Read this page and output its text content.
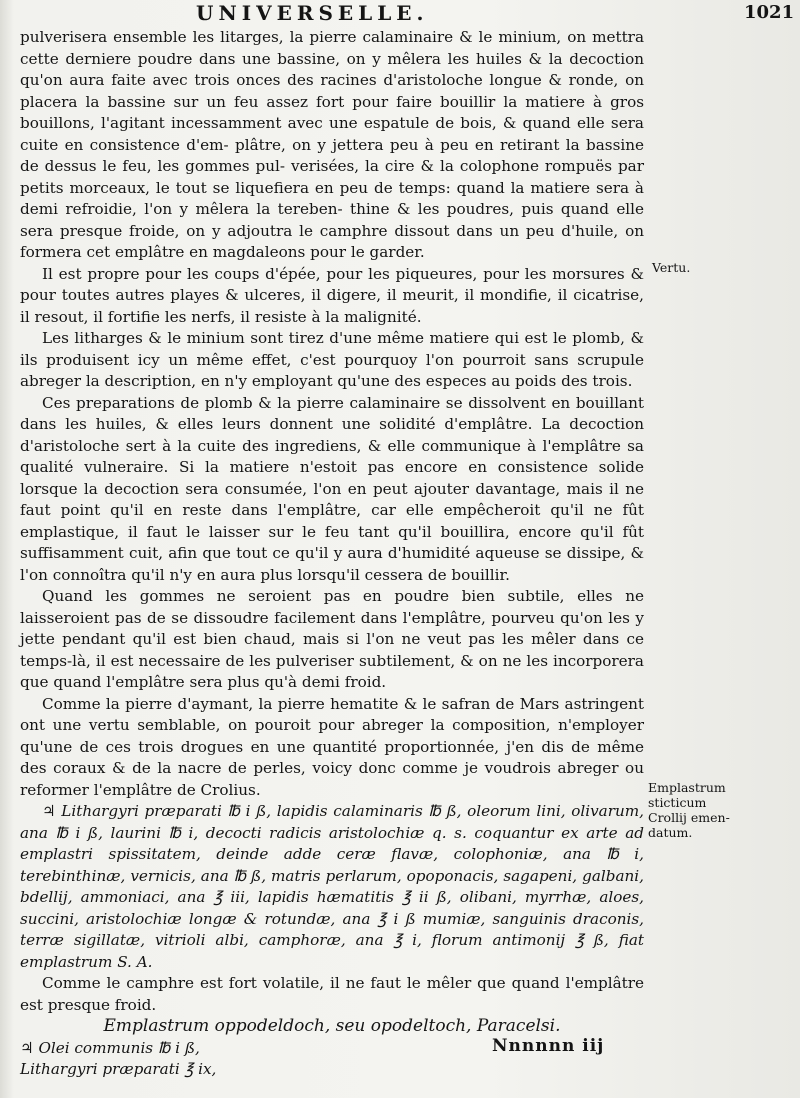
UNIVERSELLE.	1021

pulverisera ensemble les litarges, la pierre calaminaire & le minium, on mettra cette derniere poudre dans une bassine, on y mêlera les huiles & la decoction qu'on aura faite avec trois onces des racines d'aristoloche longue & ronde, on placera la bassine sur un feu assez fort pour faire bouillir la matiere à gros bouillons, l'agitant incessamment avec une espatule de bois, & quand elle sera cuite en consistence d'em- plâtre, on y jettera peu à peu en retirant la bassine de dessus le feu, les gommes pul- verisées, la cire & la colophone rompuës par petits morceaux, le tout se liquefiera en peu de temps: quand la matiere sera à demi refroidie, l'on y mêlera la tereben- thine & les poudres, puis quand elle sera presque froide, on y adjoutra le camphre dissout dans un peu d'huile, on formera cet emplâtre en magdaleons pour le garder.

Il est propre pour les coups d'épée, pour les piqueures, pour les morsures & pour toutes autres playes & ulceres, il digere, il meurit, il mondifie, il cicatrise, il resout, il fortifie les nerfs, il resiste à la malignité.

Les litharges & le minium sont tirez d'une même matiere qui est le plomb, & ils produisent icy un même effet, c'est pourquoy l'on pourroit sans scrupule abreger la description, en n'y employant qu'une des especes au poids des trois.

Ces preparations de plomb & la pierre calaminaire se dissolvent en bouillant dans les huiles, & elles leurs donnent une solidité d'emplâtre. La decoction d'aristoloche sert à la cuite des ingrediens, & elle communique à l'emplâtre sa qualité vulneraire. Si la matiere n'estoit pas encore en consistence solide lorsque la decoction sera consumée, l'on en peut ajouter davantage, mais il ne faut point qu'il en reste dans l'emplâtre, car elle empêcheroit qu'il ne fût emplastique, il faut le laisser sur le feu tant qu'il bouillira, encore qu'il fût suffisamment cuit, afin que tout ce qu'il y aura d'humidité aqueuse se dissipe, & l'on connoîtra qu'il n'y en aura plus lorsqu'il cessera de bouillir.

Quand les gommes ne seroient pas en poudre bien subtile, elles ne laisseroient pas de se dissoudre facilement dans l'emplâtre, pourveu qu'on les y jette pendant qu'il est bien chaud, mais si l'on ne veut pas les mêler dans ce temps-là, il est necessaire de les pulveriser subtilement, & on ne les incorporera que quand l'emplâtre sera plus qu'à demi froid.

Comme la pierre d'aymant, la pierre hematite & le safran de Mars astringent ont une vertu semblable, on pouroit pour abreger la composition, n'employer qu'une de ces trois drogues en une quantité proportionnée, j'en dis de même des coraux & de la nacre de perles, voicy donc comme je voudrois abreger ou reformer l'emplâtre de Crolius.

♃ Lithargyri præparati ℔ i ß, lapidis calaminaris ℔ ß, oleorum lini, olivarum, ana ℔ i ß, laurini ℔ i, decocti radicis aristolochiæ q. s. coquantur ex arte ad emplastri spissitatem, deinde adde ceræ flavæ, colophoniæ, ana ℔ i, terebinthinæ, vernicis, ana ℔ ß, matris perlarum, opoponacis, sagapeni, galbani, bdellij, ammoniaci, ana ℥ iii, lapidis hæmatitis ℥ ii ß, olibani, myrrhæ, aloes, succini, aristolochiæ longæ & rotundæ, ana ℥ i ß mumiæ, sanguinis draconis, terræ sigillatæ, vitrioli albi, camphoræ, ana ℥ i, florum antimonij ℥ ß, fiat emplastrum S. A.

Comme le camphre est fort volatile, il ne faut le mêler que quand l'emplâtre est presque froid.

Emplastrum oppodeldoch, seu opodeltoch, Paracelsi.

♃ Olei communis ℔ i ß,
Lithargyri præparati ℥ ix,

Vertu.
Emplastrum
sticticum
Crollij emen-
datum.
Nnnnnn iij
